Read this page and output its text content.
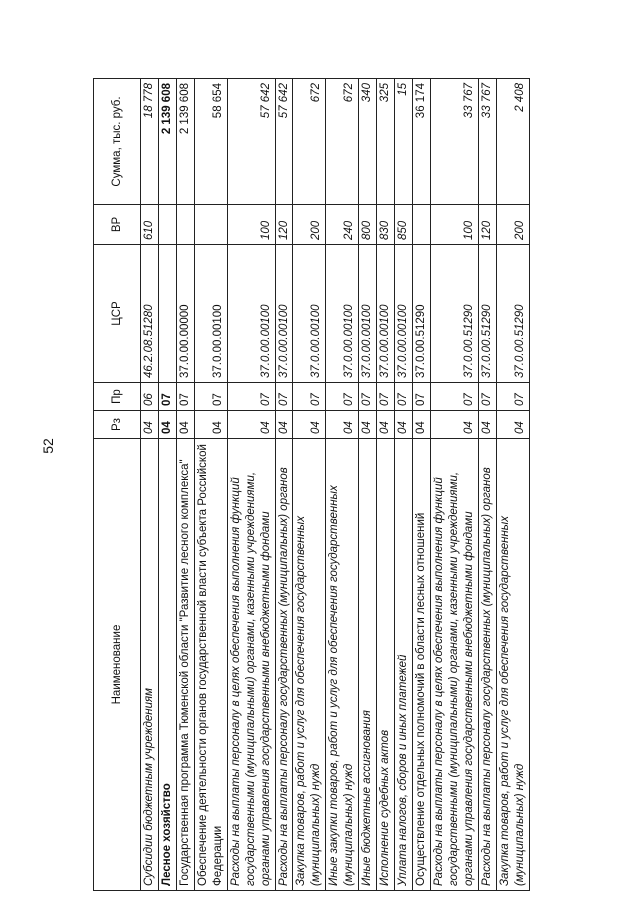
52
Наименование	Рз	Пр	ЦСР	ВР	Сумма, тыс. руб.
Субсидии бюджетным учреждениям	04	06	46.2.08.51280	610	18 778
Лесное хозяйство	04	07			2 139 608
Государственная программа Тюменской области "Развитие лесного комплекса"	04	07	37.0.00.00000		2 139 608
Обеспечение деятельности органов государственной власти субъекта Российской Федерации	04	07	37.0.00.00100		58 654
Расходы на выплаты персоналу в целях обеспечения выполнения функций государственными (муниципальными) органами, казенными учреждениями, органами управления государственными внебюджетными фондами	04	07	37.0.00.00100	100	57 642
Расходы на выплаты персоналу государственных (муниципальных) органов	04	07	37.0.00.00100	120	57 642
Закупка товаров, работ и услуг для обеспечения государственных (муниципальных) нужд	04	07	37.0.00.00100	200	672
Иные закупки товаров, работ и услуг для обеспечения государственных (муниципальных) нужд	04	07	37.0.00.00100	240	672
Иные бюджетные ассигнования	04	07	37.0.00.00100	800	340
Исполнение судебных актов	04	07	37.0.00.00100	830	325
Уплата налогов, сборов и иных платежей	04	07	37.0.00.00100	850	15
Осуществление отдельных полномочий в области лесных отношений	04	07	37.0.00.51290		36 174
Расходы на выплаты персоналу в целях обеспечения выполнения функций государственными (муниципальными) органами, казенными учреждениями, органами управления государственными внебюджетными фондами	04	07	37.0.00.51290	100	33 767
Расходы на выплаты персоналу государственных (муниципальных) органов	04	07	37.0.00.51290	120	33 767
Закупка товаров, работ и услуг для обеспечения государственных (муниципальных) нужд	04	07	37.0.00.51290	200	2 408
